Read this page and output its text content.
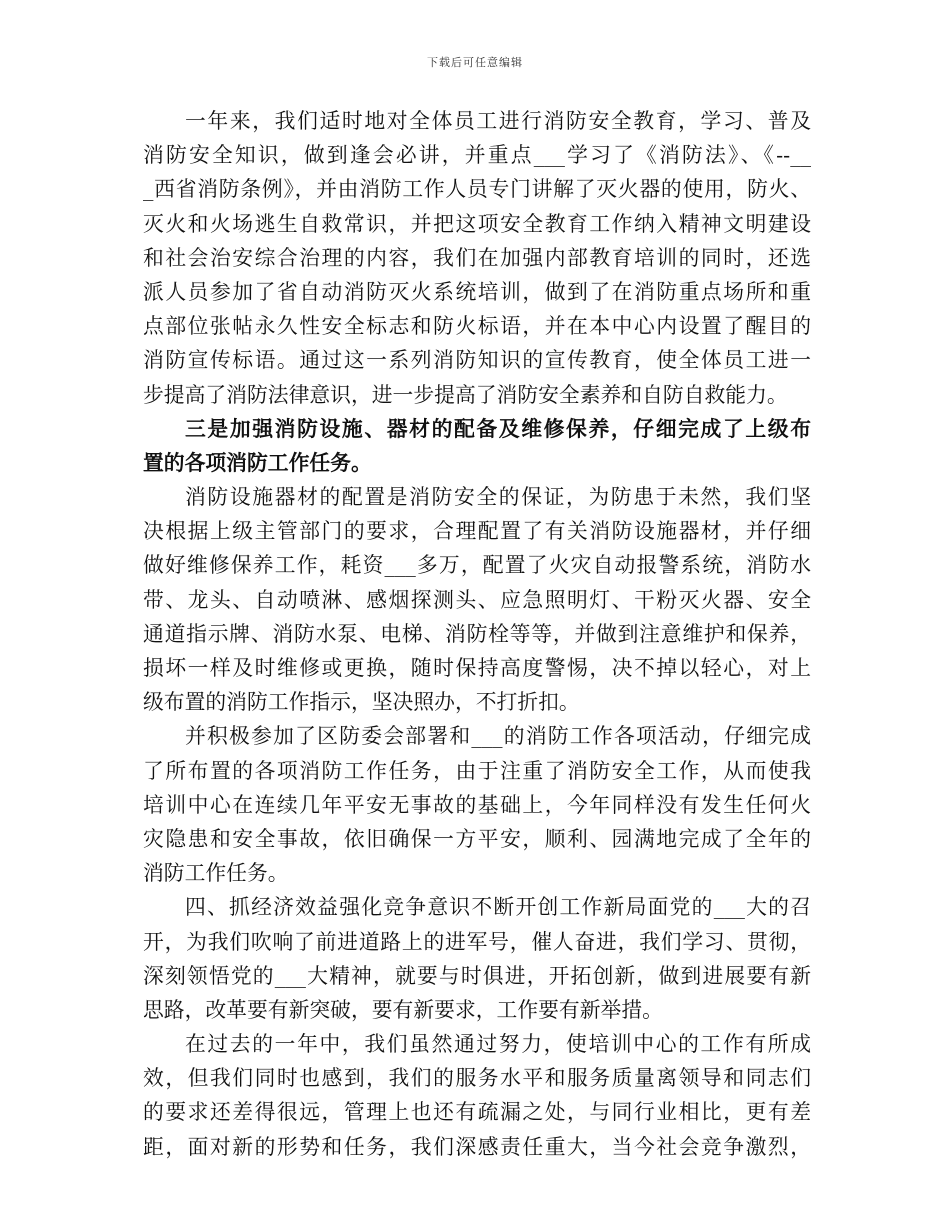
下载后可任意编辑
一年来，我们适时地对全体员工进行消防安全教育，学习、普及
消防安全知识，做到逢会必讲，并重点___学习了《消防法》、《--__
_西省消防条例》，并由消防工作人员专门讲解了灭火器的使用，防火、
灭火和火场逃生自救常识，并把这项安全教育工作纳入精神文明建设
和社会治安综合治理的内容，我们在加强内部教育培训的同时，还选
派人员参加了省自动消防灭火系统培训，做到了在消防重点场所和重
点部位张帖永久性安全标志和防火标语，并在本中心内设置了醒目的
消防宣传标语。通过这一系列消防知识的宣传教育，使全体员工进一
步提高了消防法律意识，进一步提高了消防安全素养和自防自救能力。
三是加强消防设施、器材的配备及维修保养，仔细完成了上级布
置的各项消防工作任务。
消防设施器材的配置是消防安全的保证，为防患于未然，我们坚
决根据上级主管部门的要求，合理配置了有关消防设施器材，并仔细
做好维修保养工作，耗资___多万，配置了火灾自动报警系统，消防水
带、龙头、自动喷淋、感烟探测头、应急照明灯、干粉灭火器、安全
通道指示牌、消防水泵、电梯、消防栓等等，并做到注意维护和保养，
损坏一样及时维修或更换，随时保持高度警惕，决不掉以轻心，对上
级布置的消防工作指示，坚决照办，不打折扣。
并积极参加了区防委会部署和___的消防工作各项活动，仔细完成
了所布置的各项消防工作任务，由于注重了消防安全工作，从而使我
培训中心在连续几年平安无事故的基础上，今年同样没有发生任何火
灾隐患和安全事故，依旧确保一方平安，顺利、园满地完成了全年的
消防工作任务。
四、抓经济效益强化竞争意识不断开创工作新局面党的___大的召
开，为我们吹响了前进道路上的进军号，催人奋进，我们学习、贯彻，
深刻领悟党的___大精神，就要与时俱进，开拓创新，做到进展要有新
思路，改革要有新突破，要有新要求，工作要有新举措。
在过去的一年中，我们虽然通过努力，使培训中心的工作有所成
效，但我们同时也感到，我们的服务水平和服务质量离领导和同志们
的要求还差得很远，管理上也还有疏漏之处，与同行业相比，更有差
距，面对新的形势和任务，我们深感责任重大，当今社会竞争激烈，
